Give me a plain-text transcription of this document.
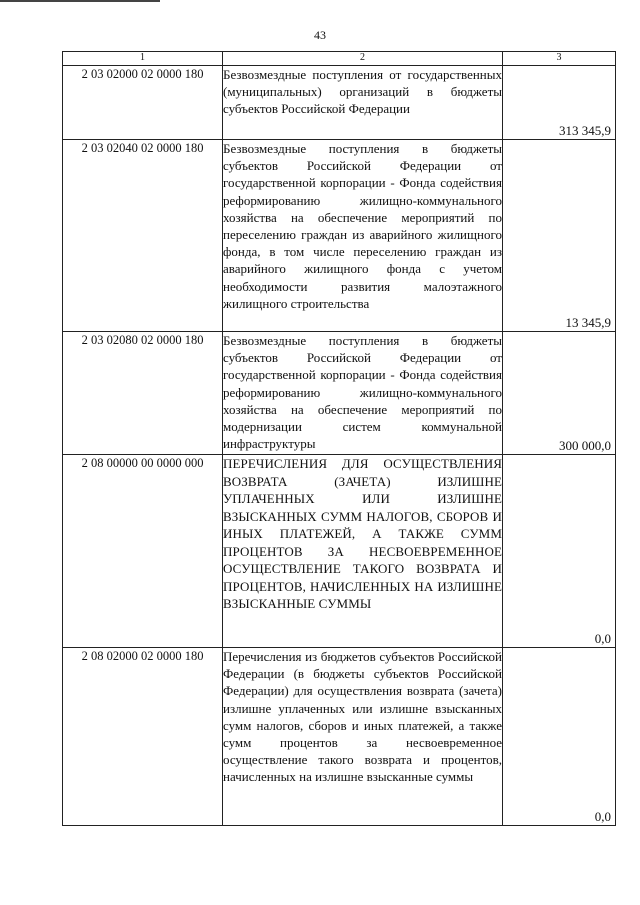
43
1	2	3
2 03 02000 02 0000 180	Безвозмездные поступления от государственных (муниципальных) организаций в бюджеты субъектов Российской Федерации	313 345,9
2 03 02040 02 0000 180	Безвозмездные поступления в бюджеты субъектов Российской Федерации от государственной корпорации - Фонда содействия реформированию жилищно-коммунального хозяйства на обеспечение мероприятий по переселению граждан из аварийного жилищного фонда, в том числе переселению граждан из аварийного жилищного фонда с учетом необходимости развития малоэтажного жилищного строительства	13 345,9
2 03 02080 02 0000 180	Безвозмездные поступления в бюджеты субъектов Российской Федерации от государственной корпорации - Фонда содействия реформированию жилищно-коммунального хозяйства на обеспечение мероприятий по модернизации систем коммунальной инфраструктуры	300 000,0
2 08 00000 00 0000 000	ПЕРЕЧИСЛЕНИЯ ДЛЯ ОСУЩЕСТВЛЕНИЯ ВОЗВРАТА (ЗАЧЕТА) ИЗЛИШНЕ УПЛАЧЕННЫХ ИЛИ ИЗЛИШНЕ ВЗЫСКАННЫХ СУММ НАЛОГОВ, СБОРОВ И ИНЫХ ПЛАТЕЖЕЙ, А ТАКЖЕ СУММ ПРОЦЕНТОВ ЗА НЕСВОЕВРЕМЕННОЕ ОСУЩЕСТВЛЕНИЕ ТАКОГО ВОЗВРАТА И ПРОЦЕНТОВ, НАЧИСЛЕННЫХ НА ИЗЛИШНЕ ВЗЫСКАННЫЕ СУММЫ	0,0
2 08 02000 02 0000 180	Перечисления из бюджетов субъектов Российской Федерации (в бюджеты субъектов Российской Федерации) для осуществления возврата (зачета) излишне уплаченных или излишне взысканных сумм налогов, сборов и иных платежей, а также сумм процентов за несвоевременное осуществление такого возврата и процентов, начисленных на излишне взысканные суммы	0,0
